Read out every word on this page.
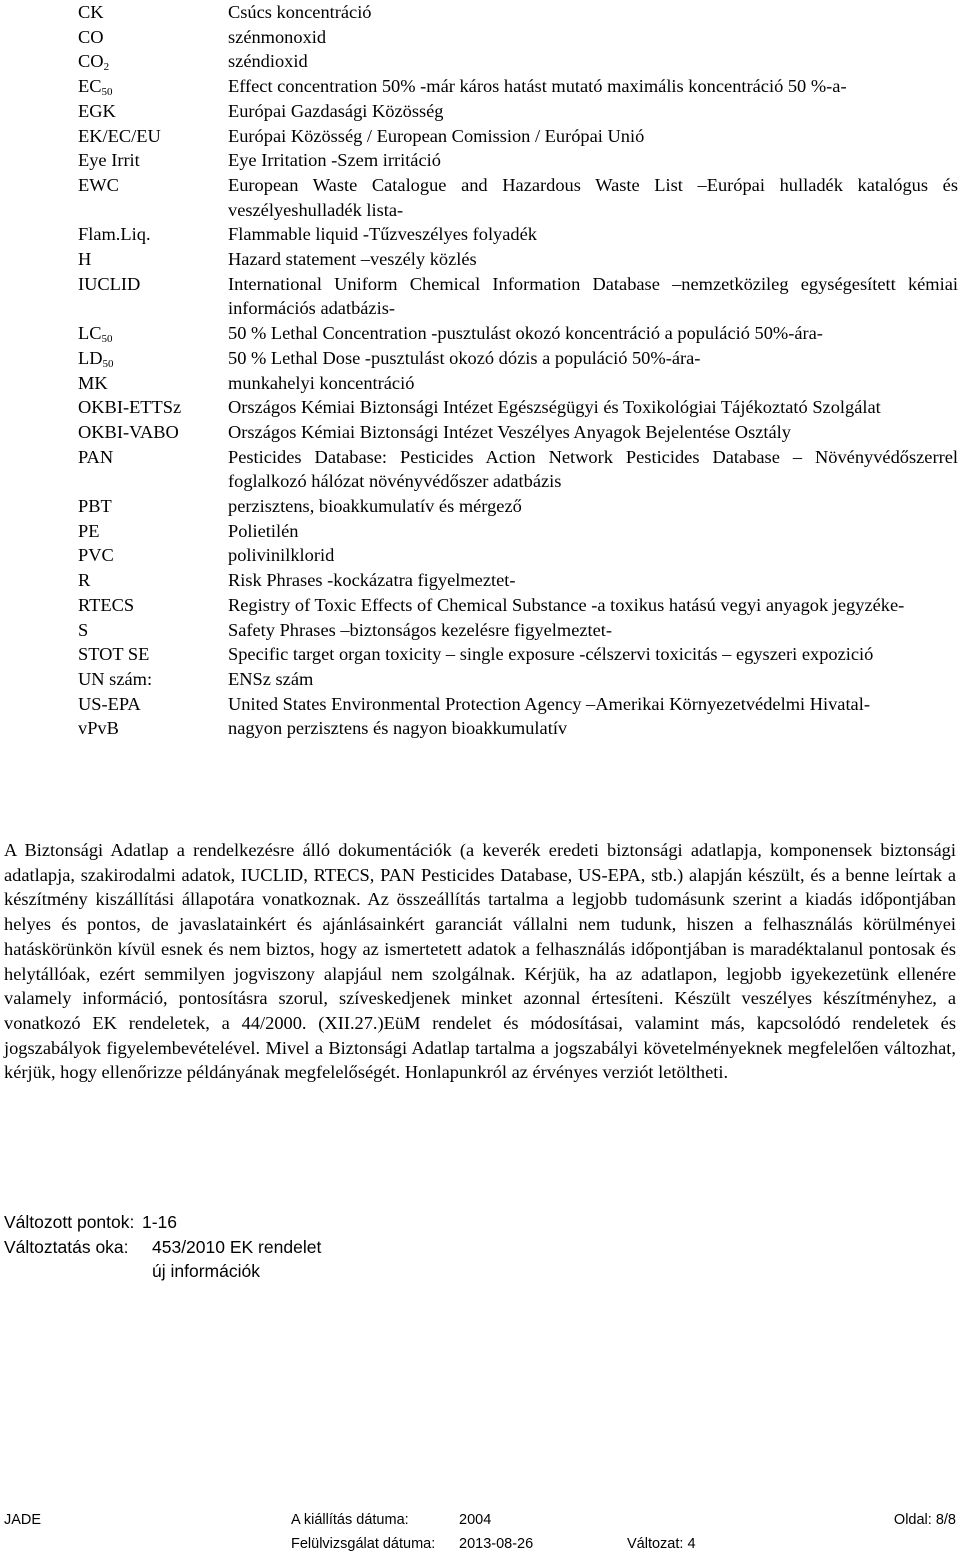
CK	Csúcs koncentráció
CO	szénmonoxid
$CO_2$	széndioxid
$EC_{50}$	Effect concentration 50% -már káros hatást mutató maximális koncentráció 50 %-a-
EGK	Európai Gazdasági Közösség
EK/EC/EU	Európai Közösség / European Comission / Európai Unió
Eye Irrit	Eye Irritation -Szem irritáció
EWC	European Waste Catalogue and Hazardous Waste List –Európai hulladék katalógus és veszélyeshulladék lista-
Flam.Liq.	Flammable liquid -Tűzveszélyes folyadék
H	Hazard statement –veszély közlés
IUCLID	International Uniform Chemical Information Database –nemzetközileg egységesített kémiai információs adatbázis-
$LC_{50}$	50 % Lethal Concentration -pusztulást okozó koncentráció a populáció 50%-ára-
$LD_{50}$	50 % Lethal Dose -pusztulást okozó dózis a populáció 50%-ára-
MK	munkahelyi koncentráció
OKBI-ETTSz	Országos Kémiai Biztonsági Intézet Egészségügyi és Toxikológiai Tájékoztató Szolgálat
OKBI-VABO	Országos Kémiai Biztonsági Intézet Veszélyes Anyagok Bejelentése Osztály
PAN	Pesticides Database: Pesticides Action Network Pesticides Database – Növényvédőszerrel foglalkozó hálózat növényvédőszer adatbázis
PBT	perzisztens, bioakkumulatív és mérgező
PE	Polietilén
PVC	polivinilklorid
R	Risk Phrases -kockázatra figyelmeztet-
RTECS	Registry of Toxic Effects of Chemical Substance -a toxikus hatású vegyi anyagok jegyzéke-
S	Safety Phrases –biztonságos kezelésre figyelmeztet-
STOT SE	Specific target organ toxicity – single exposure -célszervi toxicitás – egyszeri expozició
UN szám:	ENSz szám
US-EPA	United States Environmental Protection Agency –Amerikai Környezetvédelmi Hivatal-
vPvB	nagyon perzisztens és nagyon bioakkumulatív
A Biztonsági Adatlap a rendelkezésre álló dokumentációk (a keverék eredeti biztonsági adatlapja, komponensek biztonsági adatlapja, szakirodalmi adatok, IUCLID, RTECS, PAN Pesticides Database, US-EPA, stb.) alapján készült, és a benne leírtak a készítmény kiszállítási állapotára vonatkoznak. Az összeállítás tartalma a legjobb tudomásunk szerint a kiadás időpontjában helyes és pontos, de javaslatainkért és ajánlásainkért garanciát vállalni nem tudunk, hiszen a felhasználás körülményei hatáskörünkön kívül esnek és nem biztos, hogy az ismertetett adatok a felhasználás időpontjában is maradéktalanul pontosak és helytállóak, ezért semmilyen jogviszony alapjául nem szolgálnak. Kérjük, ha az adatlapon, legjobb igyekezetünk ellenére valamely információ, pontosításra szorul, szíveskedjenek minket azonnal értesíteni. Készült veszélyes készítményhez, a vonatkozó EK rendeletek, a 44/2000. (XII.27.)EüM rendelet és módosításai, valamint más, kapcsolódó rendeletek és jogszabályok figyelembevételével. Mivel a Biztonsági Adatlap tartalma a jogszabályi követelményeknek megfelelően változhat, kérjük, hogy ellenőrizze példányának megfelelőségét. Honlapunkról az érvényes verziót letöltheti.
Változott pontok: 1-16
Változtatás oka:	453/2010 EK rendelet
új információk
JADE	A kiállítás dátuma:	2004	Oldal: 8/8
Felülvizsgálat dátuma: 2013-08-26	Változat: 4
